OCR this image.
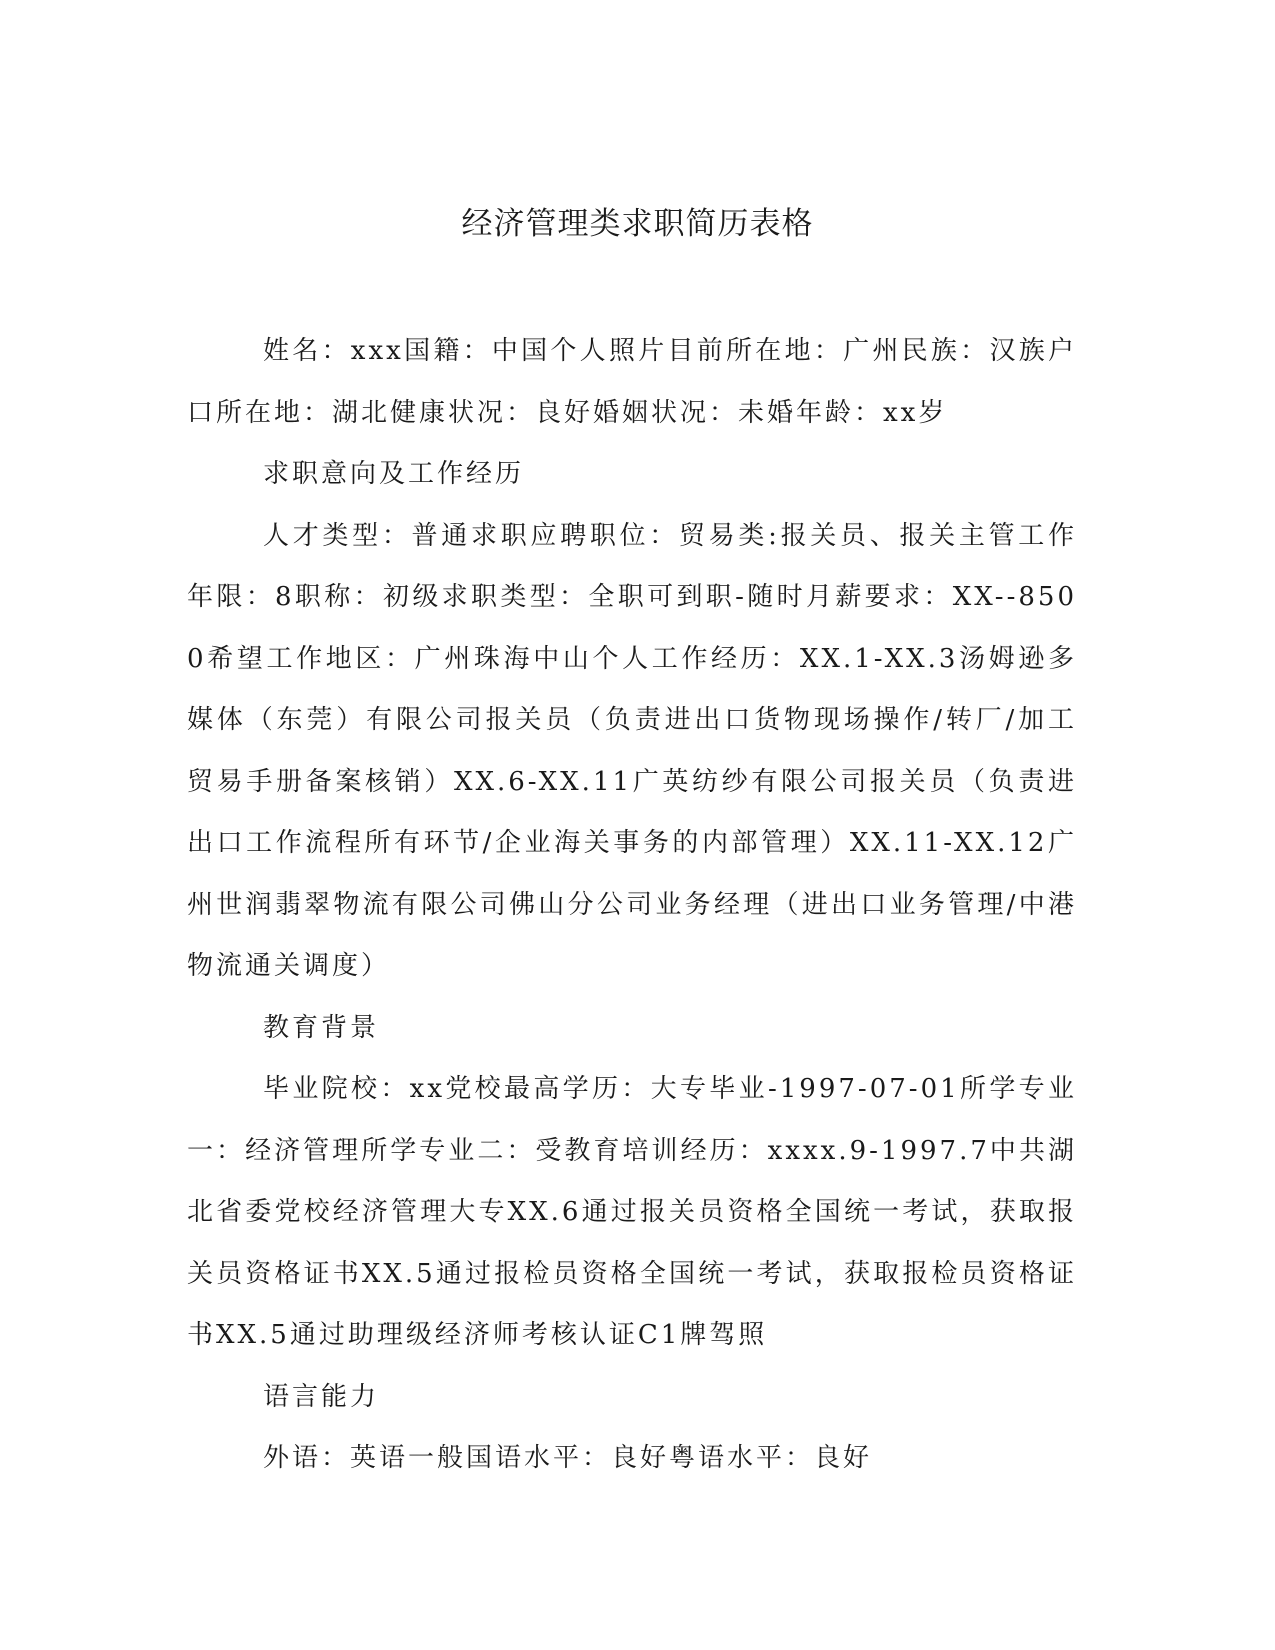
经济管理类求职简历表格

姓名：xxx国籍：中国个人照片目前所在地：广州民族：汉族户口所在地：湖北健康状况：良好婚姻状况：未婚年龄：xx岁

求职意向及工作经历

人才类型：普通求职应聘职位：贸易类:报关员、报关主管工作年限：8职称：初级求职类型：全职可到职-随时月薪要求：XX--8500希望工作地区：广州珠海中山个人工作经历：XX.1-XX.3汤姆逊多媒体（东莞）有限公司报关员（负责进出口货物现场操作/转厂/加工贸易手册备案核销）XX.6-XX.11广英纺纱有限公司报关员（负责进出口工作流程所有环节/企业海关事务的内部管理）XX.11-XX.12广州世润翡翠物流有限公司佛山分公司业务经理（进出口业务管理/中港物流通关调度）

教育背景

毕业院校：xx党校最高学历：大专毕业-1997-07-01所学专业一：经济管理所学专业二：受教育培训经历：xxxx.9-1997.7中共湖北省委党校经济管理大专XX.6通过报关员资格全国统一考试，获取报关员资格证书XX.5通过报检员资格全国统一考试，获取报检员资格证书XX.5通过助理级经济师考核认证C1牌驾照

语言能力

外语：英语一般国语水平：良好粤语水平：良好
